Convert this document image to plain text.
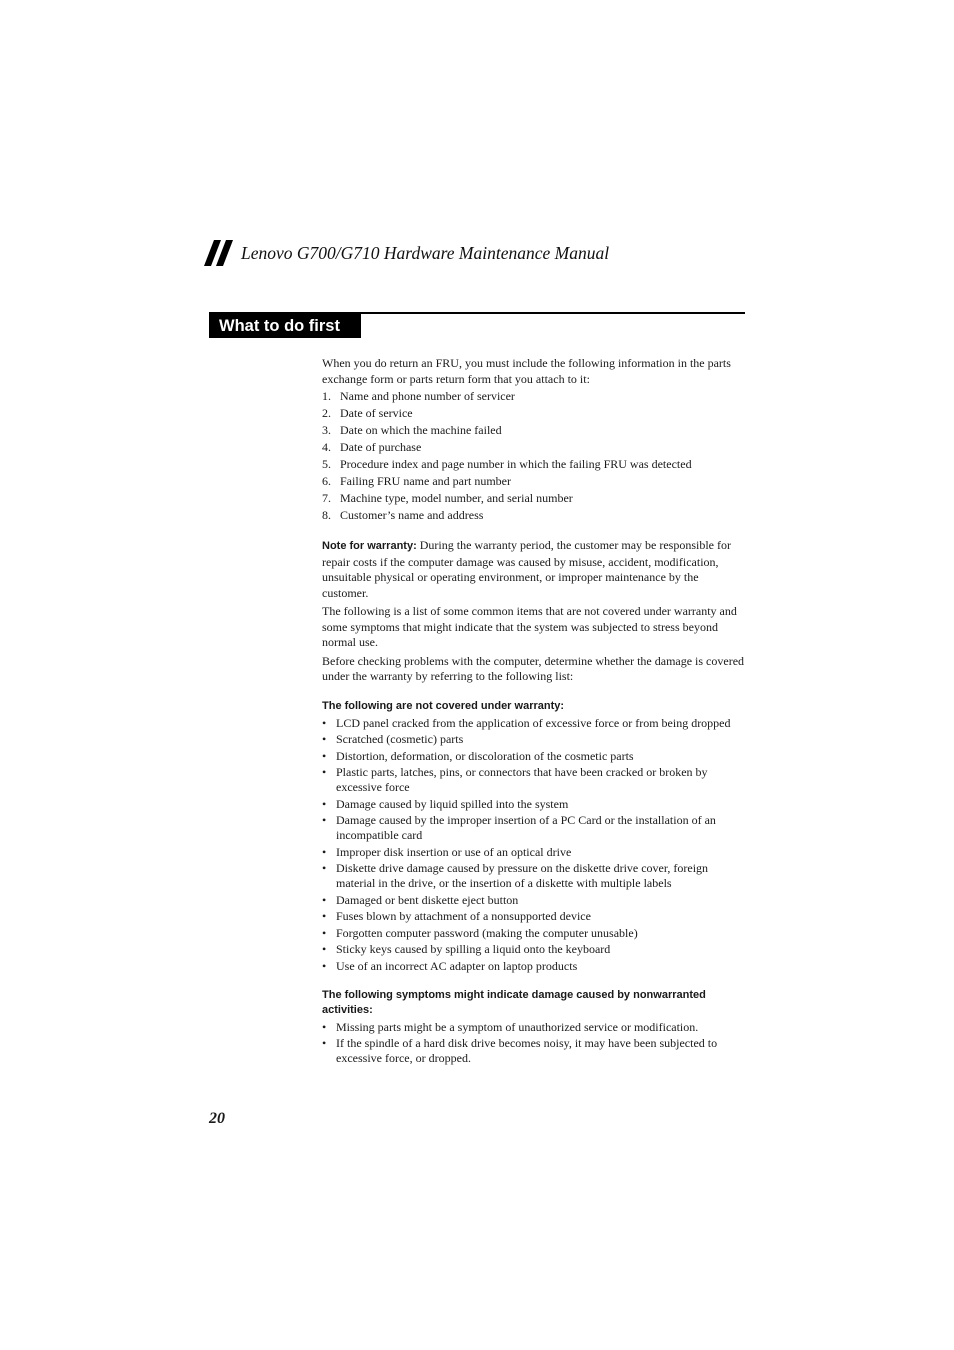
Lenovo G700/G710 Hardware Maintenance Manual
What to do first

When you do return an FRU, you must include the following information in the parts exchange form or parts return form that you attach to it:

1. Name and phone number of servicer
2. Date of service
3. Date on which the machine failed
4. Date of purchase
5. Procedure index and page number in which the failing FRU was detected
6. Failing FRU name and part number
7. Machine type, model number, and serial number
8. Customer’s name and address

Note for warranty: During the warranty period, the customer may be responsible for repair costs if the computer damage was caused by misuse, accident, modification, unsuitable physical or operating environment, or improper maintenance by the customer.

The following is a list of some common items that are not covered under warranty and some symptoms that might indicate that the system was subjected to stress beyond normal use.

Before checking problems with the computer, determine whether the damage is covered under the warranty by referring to the following list:

The following are not covered under warranty:

• LCD panel cracked from the application of excessive force or from being dropped
• Scratched (cosmetic) parts
• Distortion, deformation, or discoloration of the cosmetic parts
• Plastic parts, latches, pins, or connectors that have been cracked or broken by excessive force
• Damage caused by liquid spilled into the system
• Damage caused by the improper insertion of a PC Card or the installation of an incompatible card
• Improper disk insertion or use of an optical drive
• Diskette drive damage caused by pressure on the diskette drive cover, foreign material in the drive, or the insertion of a diskette with multiple labels
• Damaged or bent diskette eject button
• Fuses blown by attachment of a nonsupported device
• Forgotten computer password (making the computer unusable)
• Sticky keys caused by spilling a liquid onto the keyboard
• Use of an incorrect AC adapter on laptop products

The following symptoms might indicate damage caused by nonwarranted activities:

• Missing parts might be a symptom of unauthorized service or modification.
• If the spindle of a hard disk drive becomes noisy, it may have been subjected to excessive force, or dropped.
20
